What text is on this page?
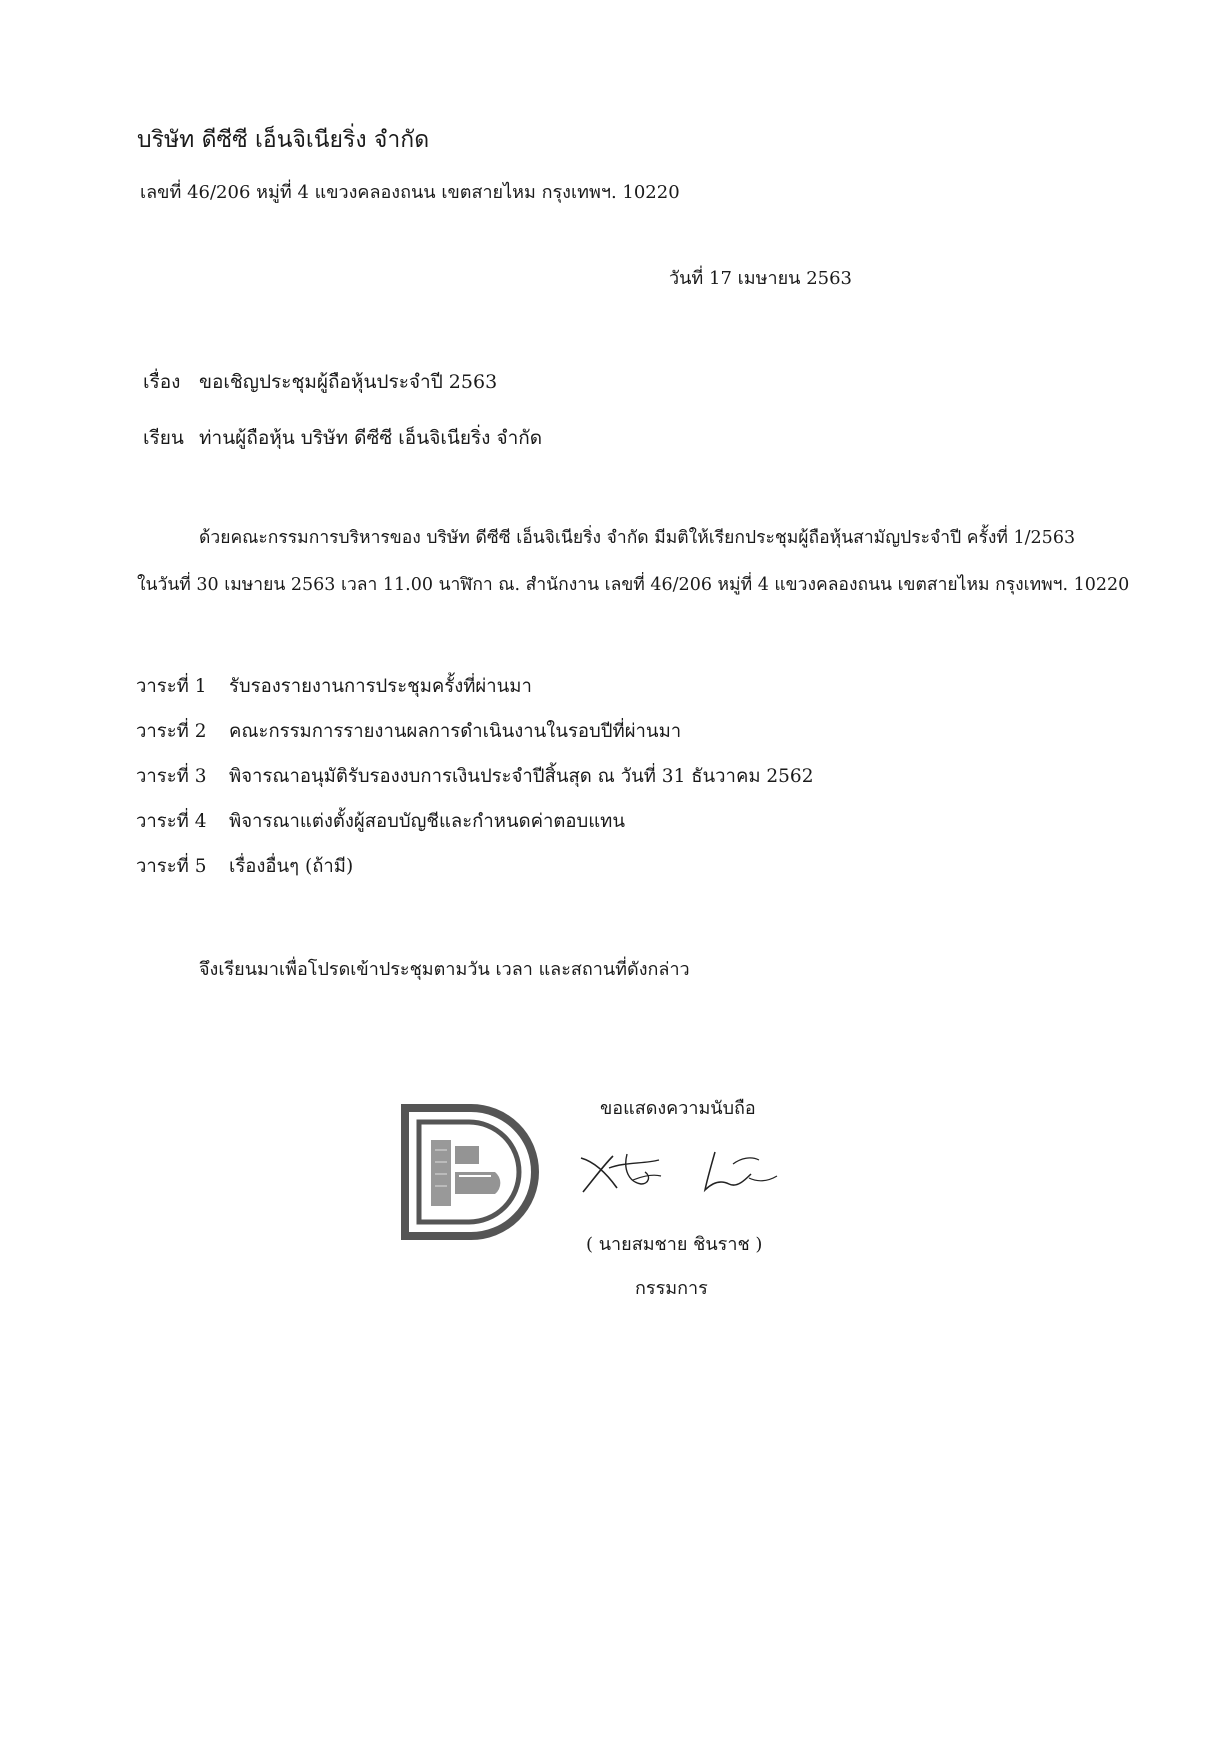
บริษัท ดีซีซี เอ็นจิเนียริ่ง จำกัด
เลขที่ 46/206 หมู่ที่ 4 แขวงคลองถนน เขตสายไหม กรุงเทพฯ. 10220
วันที่ 17 เมษายน 2563
เรื่อง ขอเชิญประชุมผู้ถือหุ้นประจำปี 2563
เรียน ท่านผู้ถือหุ้น บริษัท ดีซีซี เอ็นจิเนียริ่ง จำกัด
ด้วยคณะกรรมการบริหารของ บริษัท ดีซีซี เอ็นจิเนียริ่ง จำกัด มีมติให้เรียกประชุมผู้ถือหุ้นสามัญประจำปี ครั้งที่ 1/2563
ในวันที่ 30 เมษายน 2563 เวลา 11.00 นาฬิกา ณ. สำนักงาน เลขที่ 46/206 หมู่ที่ 4 แขวงคลองถนน เขตสายไหม กรุงเทพฯ. 10220
วาระที่ 1 รับรองรายงานการประชุมครั้งที่ผ่านมา
วาระที่ 2 คณะกรรมการรายงานผลการดำเนินงานในรอบปีที่ผ่านมา
วาระที่ 3 พิจารณาอนุมัติรับรองงบการเงินประจำปีสิ้นสุด ณ วันที่ 31 ธันวาคม 2562
วาระที่ 4 พิจารณาแต่งตั้งผู้สอบบัญชีและกำหนดค่าตอบแทน
วาระที่ 5 เรื่องอื่นๆ (ถ้ามี)
จึงเรียนมาเพื่อโปรดเข้าประชุมตามวัน เวลา และสถานที่ดังกล่าว
ขอแสดงความนับถือ
( นายสมชาย ชินราช )
กรรมการ
